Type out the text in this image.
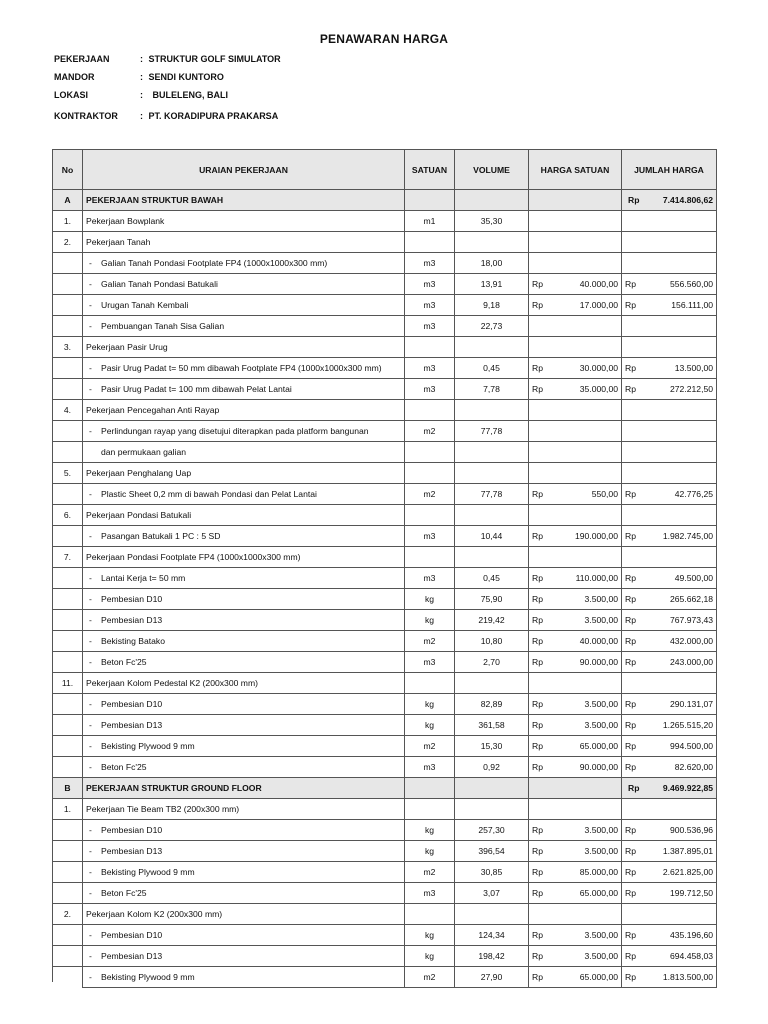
PENAWARAN HARGA
PEKERJAAN	: STRUKTUR GOLF SIMULATOR
MANDOR	: SENDI KUNTORO
LOKASI	: BULELENG, BALI
KONTRAKTOR : PT. KORADIPURA PRAKARSA
No	URAIAN PEKERJAAN	SATUAN	VOLUME	HARGA SATUAN		JUMLAH HARGA	
A	PEKERJAAN STRUKTUR BAWAH					Rp 7.414.806,62	
1.	Pekerjaan Bowplank	m1	35,30				
2.	Pekerjaan Tanah						
	- Galian Tanah Pondasi Footplate FP4 (1000x1000x300 mm)	m3	18,00				
	- Galian Tanah Pondasi Batukali	m3	13,91	Rp	40.000,00	Rp	556.560,00
	- Urugan Tanah Kembali	m3	9,18	Rp	17.000,00	Rp	156.111,00
	- Pembuangan Tanah Sisa Galian	m3	22,73				
3.	Pekerjaan Pasir Urug						
	- Pasir Urug Padat t= 50 mm dibawah Footplate FP4 (1000x1000x300 mm)	m3	0,45	Rp	30.000,00	Rp	13.500,00
	- Pasir Urug Padat t= 100 mm dibawah Pelat Lantai	m3	7,78	Rp	35.000,00	Rp	272.212,50
4.	Pekerjaan Pencegahan Anti Rayap						
	- Perlindungan rayap yang disetujui diterapkan pada platform bangunan	m2	77,78				
	dan permukaan galian						
5.	Pekerjaan Penghalang Uap						
	- Plastic Sheet 0,2 mm di bawah Pondasi dan Pelat Lantai	m2	77,78	Rp	550,00	Rp	42.776,25
6.	Pekerjaan Pondasi Batukali						
	- Pasangan Batukali 1 PC : 5 SD	m3	10,44	Rp	190.000,00	Rp	1.982.745,00
7.	Pekerjaan Pondasi Footplate FP4 (1000x1000x300 mm)						
	- Lantai Kerja t= 50 mm	m3	0,45	Rp	110.000,00	Rp	49.500,00
	- Pembesian D10	kg	75,90	Rp	3.500,00	Rp	265.662,18
	- Pembesian D13	kg	219,42	Rp	3.500,00	Rp	767.973,43
	- Bekisting Batako	m2	10,80	Rp	40.000,00	Rp	432.000,00
	- Beton Fc'25	m3	2,70	Rp	90.000,00	Rp	243.000,00
11.	Pekerjaan Kolom Pedestal K2 (200x300 mm)						
	- Pembesian D10	kg	82,89	Rp	3.500,00	Rp	290.131,07
	- Pembesian D13	kg	361,58	Rp	3.500,00	Rp	1.265.515,20
	- Bekisting Plywood 9 mm	m2	15,30	Rp	65.000,00	Rp	994.500,00
	- Beton Fc'25	m3	0,92	Rp	90.000,00	Rp	82.620,00
B	PEKERJAAN STRUKTUR GROUND FLOOR					Rp 9.469.922,85	
1.	Pekerjaan Tie Beam TB2 (200x300 mm)						
	- Pembesian D10	kg	257,30	Rp	3.500,00	Rp	900.536,96
	- Pembesian D13	kg	396,54	Rp	3.500,00	Rp	1.387.895,01
	- Bekisting Plywood 9 mm	m2	30,85	Rp	85.000,00	Rp	2.621.825,00
	- Beton Fc'25	m3	3,07	Rp	65.000,00	Rp	199.712,50
2.	Pekerjaan Kolom K2 (200x300 mm)						
	- Pembesian D10	kg	124,34	Rp	3.500,00	Rp	435.196,60
	- Pembesian D13	kg	198,42	Rp	3.500,00	Rp	694.458,03
	- Bekisting Plywood 9 mm	m2	27,90	Rp	65.000,00	Rp	1.813.500,00
